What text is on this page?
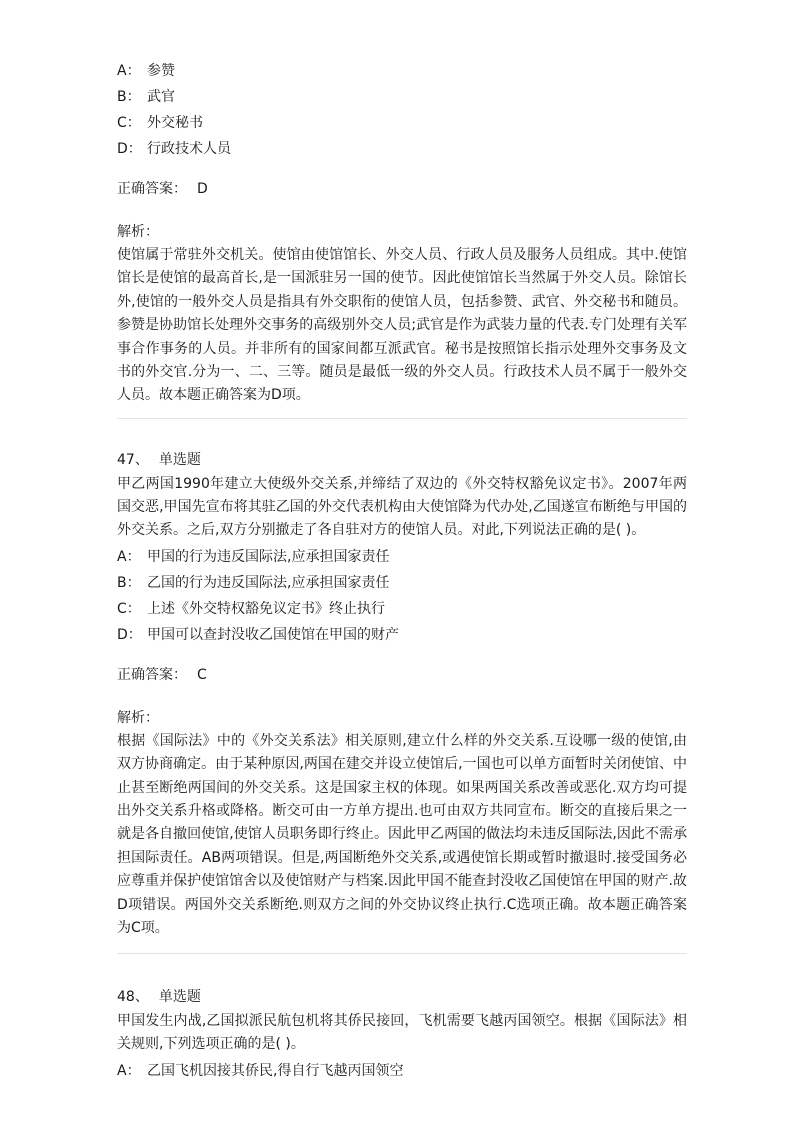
A： 参赞
B： 武官
C： 外交秘书
D： 行政技术人员
正确答案： D
解析：
使馆属于常驻外交机关。使馆由使馆馆长、外交人员、行政人员及服务人员组成。其中.使馆馆长是使馆的最高首长,是一国派驻另一国的使节。因此使馆馆长当然属于外交人员。除馆长外,使馆的一般外交人员是指具有外交职衔的使馆人员，包括参赞、武官、外交秘书和随员。参赞是协助馆长处理外交事务的高级别外交人员;武官是作为武装力量的代表.专门处理有关军事合作事务的人员。并非所有的国家间都互派武官。秘书是按照馆长指示处理外交事务及文书的外交官.分为一、二、三等。随员是最低一级的外交人员。行政技术人员不属于一般外交人员。故本题正确答案为D项。
47、 单选题
甲乙两国1990年建立大使级外交关系,并缔结了双边的《外交特权豁免议定书》。2007年两国交恶,甲国先宣布将其驻乙国的外交代表机构由大使馆降为代办处,乙国遂宣布断绝与甲国的外交关系。之后,双方分别撤走了各自驻对方的使馆人员。对此,下列说法正确的是( )。
A： 甲国的行为违反国际法,应承担国家责任
B： 乙国的行为违反国际法,应承担国家责任
C： 上述《外交特权豁免议定书》终止执行
D： 甲国可以查封没收乙国使馆在甲国的财产
正确答案： C
解析：
根据《国际法》中的《外交关系法》相关原则,建立什么样的外交关系.互设哪一级的使馆,由双方协商确定。由于某种原因,两国在建交并设立使馆后,一国也可以单方面暂时关闭使馆、中止甚至断绝两国间的外交关系。这是国家主权的体现。如果两国关系改善或恶化.双方均可提出外交关系升格或降格。断交可由一方单方提出.也可由双方共同宣布。断交的直接后果之一就是各自撤回使馆,使馆人员职务即行终止。因此甲乙两国的做法均未违反国际法,因此不需承担国际责任。AB两项错误。但是,两国断绝外交关系,或遇使馆长期或暂时撤退时.接受国务必应尊重并保护使馆馆舍以及使馆财产与档案.因此甲国不能查封没收乙国使馆在甲国的财产.故D项错误。两国外交关系断绝.则双方之间的外交协议终止执行.C选项正确。故本题正确答案为C项。
48、 单选题
甲国发生内战,乙国拟派民航包机将其侨民接回，飞机需要飞越丙国领空。根据《国际法》相关规则,下列选项正确的是( )。
A： 乙国飞机因接其侨民,得自行飞越丙国领空
